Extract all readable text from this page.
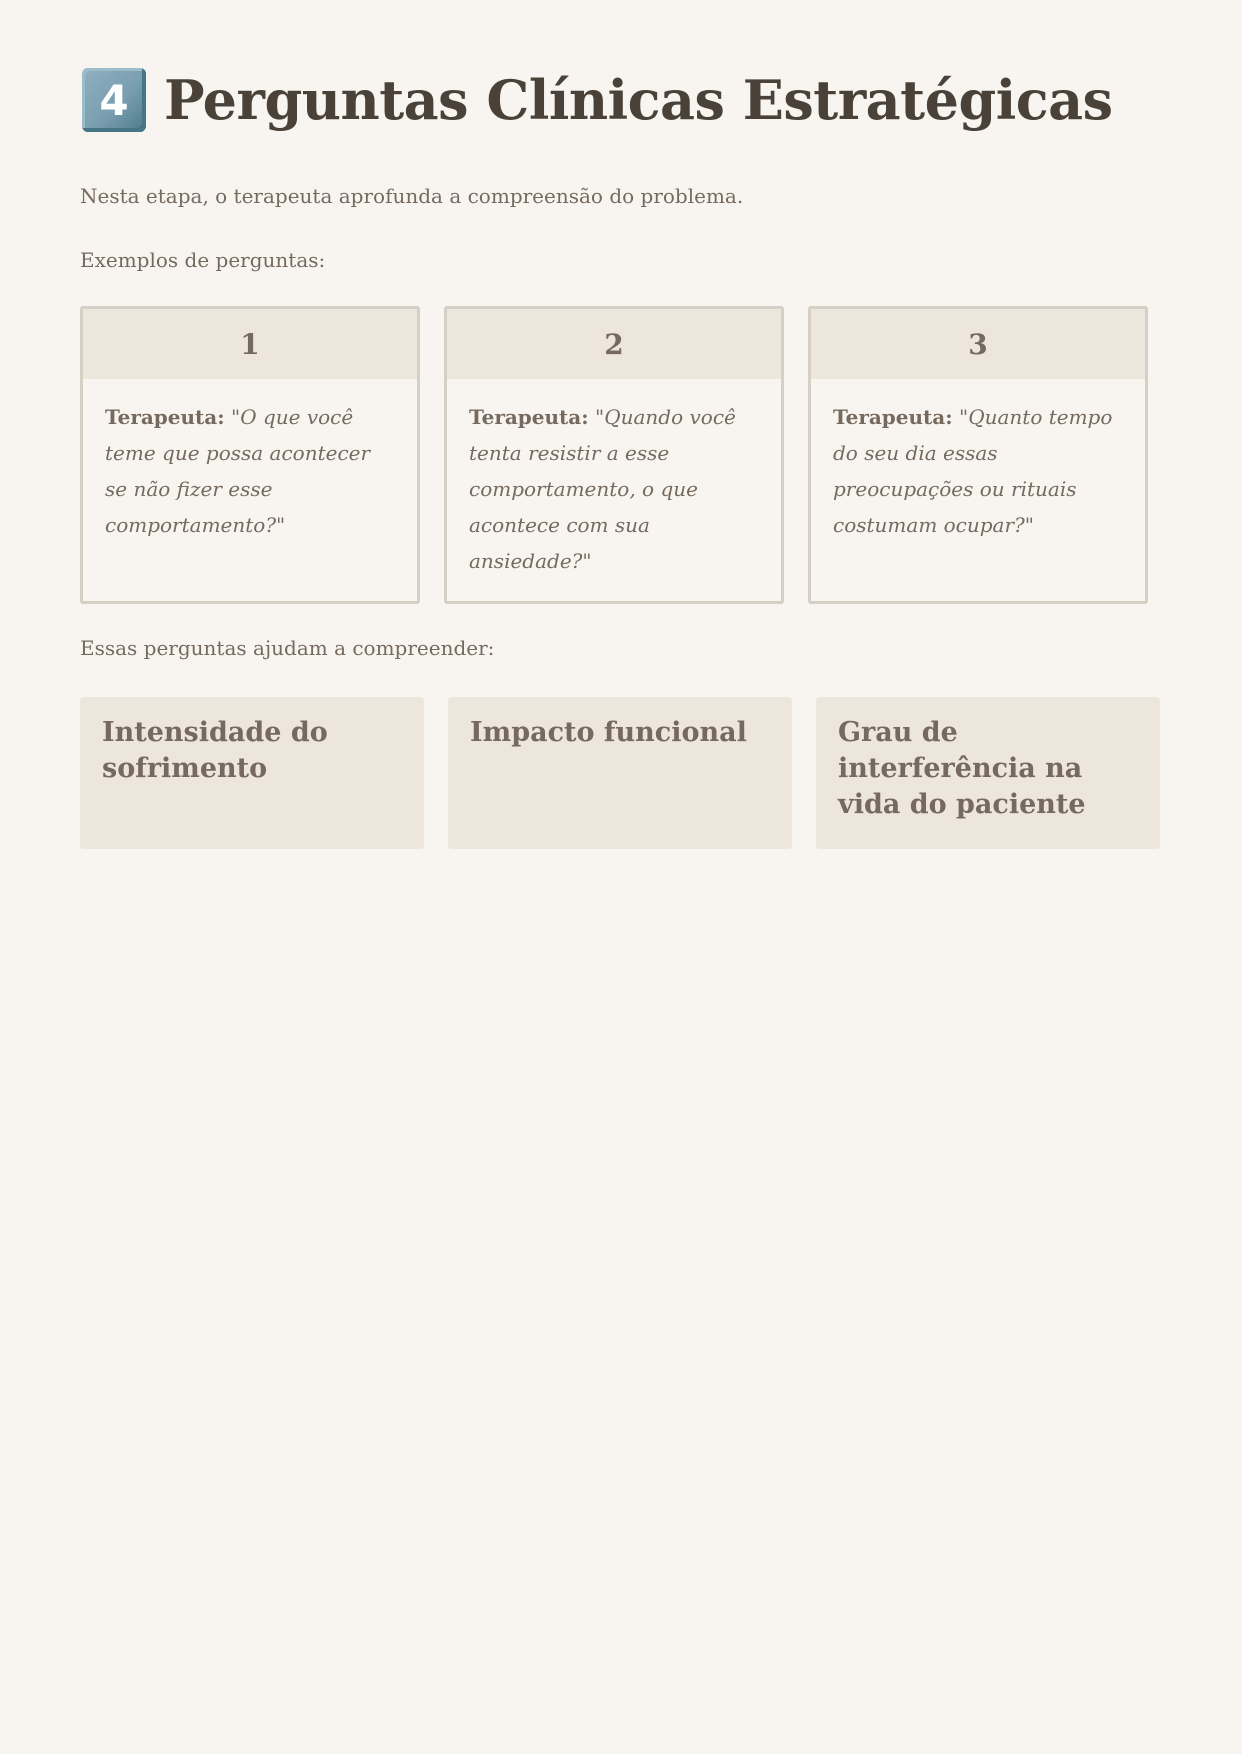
4 Perguntas Clínicas Estratégicas

Nesta etapa, o terapeuta aprofunda a compreensão do problema.

Exemplos de perguntas:

1
Terapeuta: "O que você teme que possa acontecer se não fizer esse comportamento?"
2
Terapeuta: "Quando você tenta resistir a esse comportamento, o que acontece com sua ansiedade?"
3
Terapeuta: "Quanto tempo do seu dia essas preocupações ou rituais costumam ocupar?"

Essas perguntas ajudam a compreender:

Intensidade do sofrimento
Impacto funcional	Grau de interferência na vida do paciente
